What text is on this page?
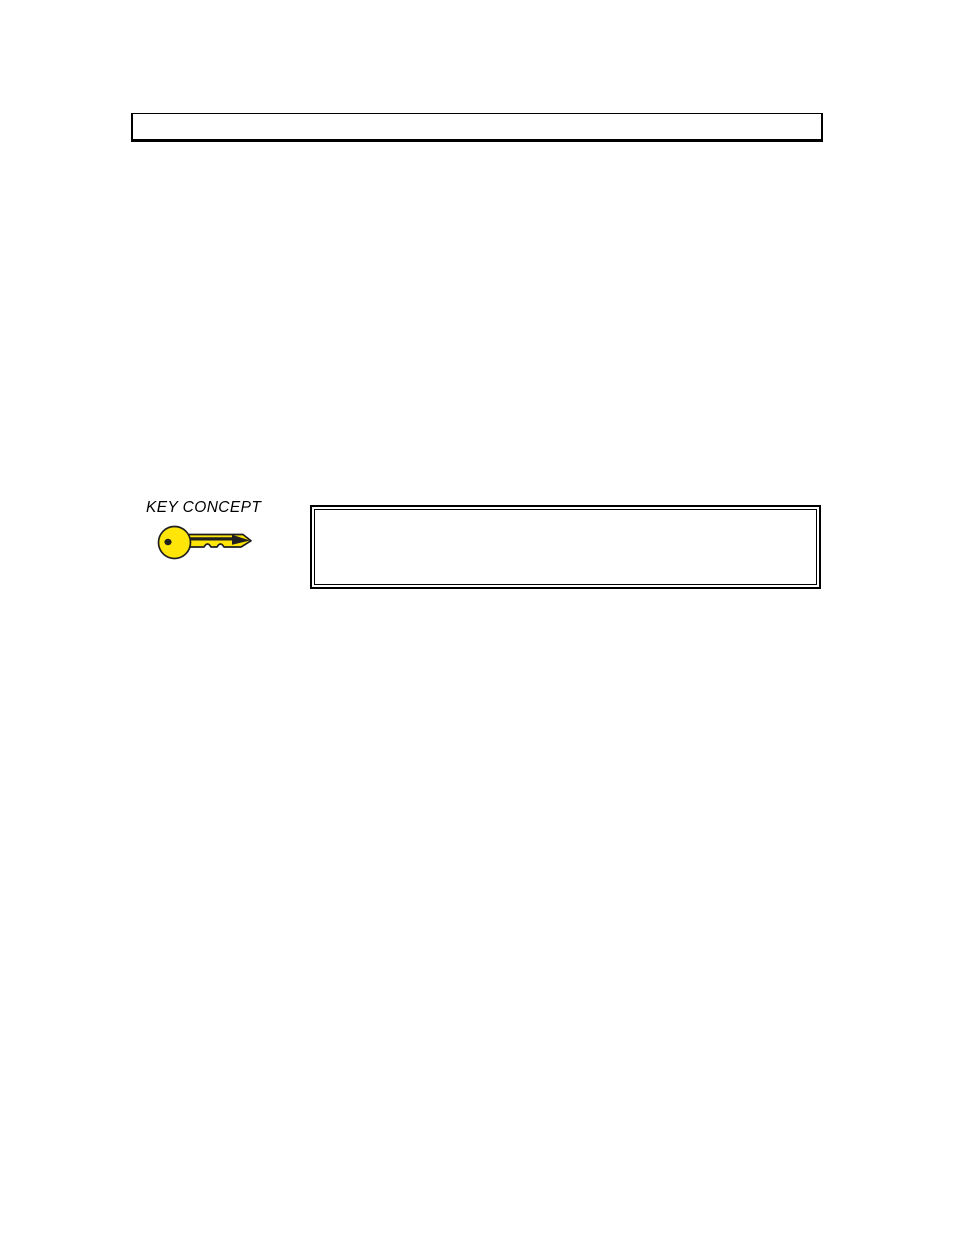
KEY CONCEPT
